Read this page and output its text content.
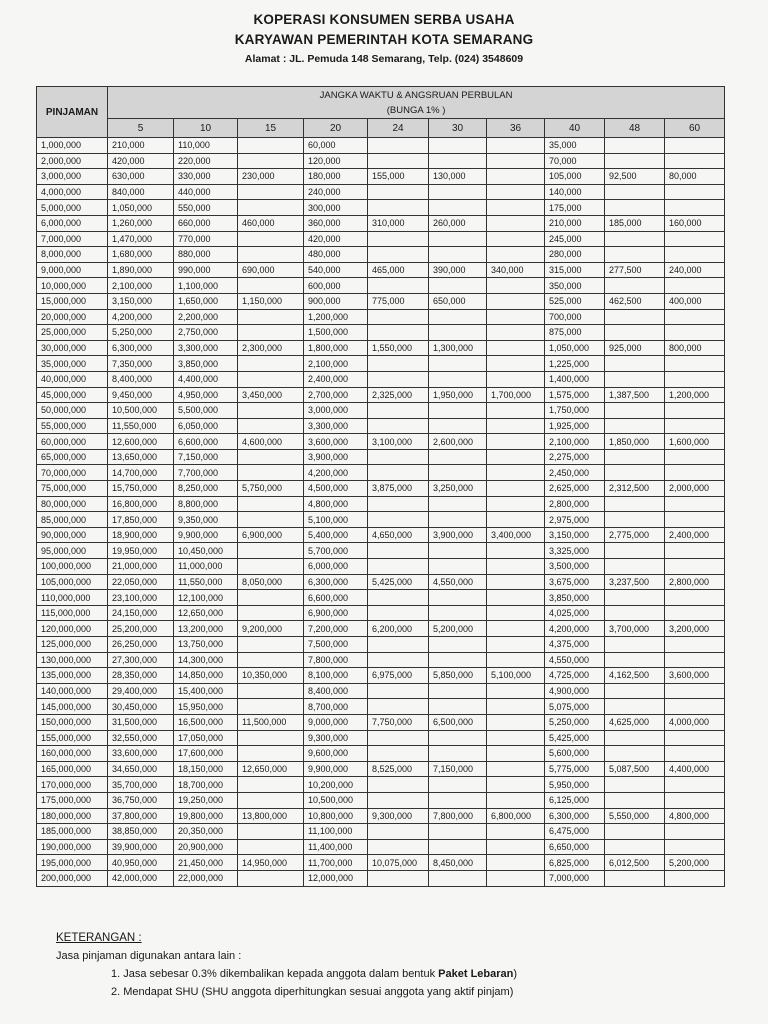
KOPERASI KONSUMEN SERBA USAHA
KARYAWAN PEMERINTAH KOTA SEMARANG
Alamat : JL. Pemuda 148 Semarang, Telp. (024) 3548609
PINJAMAN	JANGKA WAKTU & ANGSRUAN PERBULAN
(BUNGA 1% )									

	5	10	15	20	24	30	36	40	48	60
1,000,000	210,000	110,000		60,000				35,000		
2,000,000	420,000	220,000		120,000				70,000		
3,000,000	630,000	330,000	230,000	180,000	155,000	130,000		105,000	92,500	80,000
4,000,000	840,000	440,000		240,000				140,000		
5,000,000	1,050,000	550,000		300,000				175,000		
6,000,000	1,260,000	660,000	460,000	360,000	310,000	260,000		210,000	185,000	160,000
7,000,000	1,470,000	770,000		420,000				245,000		
8,000,000	1,680,000	880,000		480,000				280,000		
9,000,000	1,890,000	990,000	690,000	540,000	465,000	390,000	340,000	315,000	277,500	240,000
10,000,000	2,100,000	1,100,000		600,000				350,000		
15,000,000	3,150,000	1,650,000	1,150,000	900,000	775,000	650,000		525,000	462,500	400,000
20,000,000	4,200,000	2,200,000		1,200,000				700,000		
25,000,000	5,250,000	2,750,000		1,500,000				875,000		
30,000,000	6,300,000	3,300,000	2,300,000	1,800,000	1,550,000	1,300,000		1,050,000	925,000	800,000
35,000,000	7,350,000	3,850,000		2,100,000				1,225,000		
40,000,000	8,400,000	4,400,000		2,400,000				1,400,000		
45,000,000	9,450,000	4,950,000	3,450,000	2,700,000	2,325,000	1,950,000	1,700,000	1,575,000	1,387,500	1,200,000
50,000,000	10,500,000	5,500,000		3,000,000				1,750,000		
55,000,000	11,550,000	6,050,000		3,300,000				1,925,000		
60,000,000	12,600,000	6,600,000	4,600,000	3,600,000	3,100,000	2,600,000		2,100,000	1,850,000	1,600,000
65,000,000	13,650,000	7,150,000		3,900,000				2,275,000		
70,000,000	14,700,000	7,700,000		4,200,000				2,450,000		
75,000,000	15,750,000	8,250,000	5,750,000	4,500,000	3,875,000	3,250,000		2,625,000	2,312,500	2,000,000
80,000,000	16,800,000	8,800,000		4,800,000				2,800,000		
85,000,000	17,850,000	9,350,000		5,100,000				2,975,000		
90,000,000	18,900,000	9,900,000	6,900,000	5,400,000	4,650,000	3,900,000	3,400,000	3,150,000	2,775,000	2,400,000
95,000,000	19,950,000	10,450,000		5,700,000				3,325,000		
100,000,000	21,000,000	11,000,000		6,000,000				3,500,000		
105,000,000	22,050,000	11,550,000	8,050,000	6,300,000	5,425,000	4,550,000		3,675,000	3,237,500	2,800,000
110,000,000	23,100,000	12,100,000		6,600,000				3,850,000		
115,000,000	24,150,000	12,650,000		6,900,000				4,025,000		
120,000,000	25,200,000	13,200,000	9,200,000	7,200,000	6,200,000	5,200,000		4,200,000	3,700,000	3,200,000
125,000,000	26,250,000	13,750,000		7,500,000				4,375,000		
130,000,000	27,300,000	14,300,000		7,800,000				4,550,000		
135,000,000	28,350,000	14,850,000	10,350,000	8,100,000	6,975,000	5,850,000	5,100,000	4,725,000	4,162,500	3,600,000
140,000,000	29,400,000	15,400,000		8,400,000				4,900,000		
145,000,000	30,450,000	15,950,000		8,700,000				5,075,000		
150,000,000	31,500,000	16,500,000	11,500,000	9,000,000	7,750,000	6,500,000		5,250,000	4,625,000	4,000,000
155,000,000	32,550,000	17,050,000		9,300,000				5,425,000		
160,000,000	33,600,000	17,600,000		9,600,000				5,600,000		
165,000,000	34,650,000	18,150,000	12,650,000	9,900,000	8,525,000	7,150,000		5,775,000	5,087,500	4,400,000
170,000,000	35,700,000	18,700,000		10,200,000				5,950,000		
175,000,000	36,750,000	19,250,000		10,500,000				6,125,000		
180,000,000	37,800,000	19,800,000	13,800,000	10,800,000	9,300,000	7,800,000	6,800,000	6,300,000	5,550,000	4,800,000
185,000,000	38,850,000	20,350,000		11,100,000				6,475,000		
190,000,000	39,900,000	20,900,000		11,400,000				6,650,000		
195,000,000	40,950,000	21,450,000	14,950,000	11,700,000	10,075,000	8,450,000		6,825,000	6,012,500	5,200,000
200,000,000	42,000,000	22,000,000		12,000,000				7,000,000		
KETERANGAN :
Jasa pinjaman digunakan antara lain :
1. Jasa sebesar 0.3% dikembalikan kepada anggota dalam bentuk Paket Lebaran)
2. Mendapat SHU (SHU anggota diperhitungkan sesuai anggota yang aktif pinjam)
